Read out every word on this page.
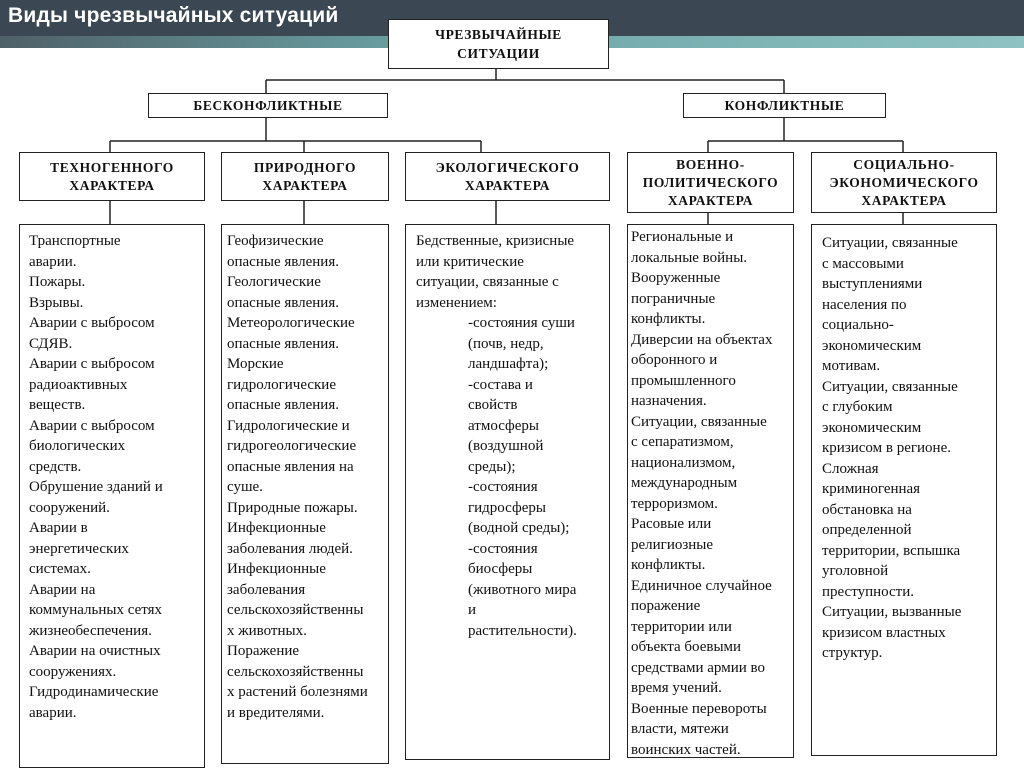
Виды чрезвычайных ситуаций
ЧРЕЗВЫЧАЙНЫЕ
СИТУАЦИИ
БЕСКОНФЛИКТНЫЕ	КОНФЛИКТНЫЕ
ТЕХНОГЕННОГО
ХАРАКТЕРА
ПРИРОДНОГО
ХАРАКТЕРА
ЭКОЛОГИЧЕСКОГО
ХАРАКТЕРА
ВОЕННО-
ПОЛИТИЧЕСКОГО
ХАРАКТЕРА
СОЦИАЛЬНО-
ЭКОНОМИЧЕСКОГО
ХАРАКТЕРА
Транспортные
аварии.
Пожары.
Взрывы.
Аварии с выбросом
СДЯВ.
Аварии с выбросом
радиоактивных
веществ.
Аварии с выбросом
биологических
средств.
Обрушение зданий и
сооружений.
Аварии в
энергетических
системах.
Аварии на
коммунальных сетях
жизнеобеспечения.
Аварии на очистных
сооружениях.
Гидродинамические
аварии.
Геофизические
опасные явления.
Геологические
опасные явления.
Метеорологические
опасные явления.
Морские
гидрологические
опасные явления.
Гидрологические и
гидрогеологические
опасные явления на
суше.
Природные пожары.
Инфекционные
заболевания людей.
Инфекционные
заболевания
сельскохозяйственны
х животных.
Поражение
сельскохозяйственны
х растений болезнями
и вредителями.
Бедственные, кризисные
или критические
ситуации, связанные с
изменением:
-состояния суши
(почв, недр,
ландшафта);
-состава и
свойств
атмосферы
(воздушной
среды);
-состояния
гидросферы
(водной среды);
-состояния
биосферы
(животного мира
и
растительности).
Региональные и
локальные войны.
Вооруженные
пограничные
конфликты.
Диверсии на объектах
оборонного и
промышленного
назначения.
Ситуации, связанные
с сепаратизмом,
национализмом,
международным
терроризмом.
Расовые или
религиозные
конфликты.
Единичное случайное
поражение
территории или
объекта боевыми
средствами армии во
время учений.
Военные перевороты
власти, мятежи
воинских частей.
Ситуации, связанные
с массовыми
выступлениями
населения по
социально-
экономическим
мотивам.
Ситуации, связанные
с глубоким
экономическим
кризисом в регионе.
Сложная
криминогенная
обстановка на
определенной
территории, вспышка
уголовной
преступности.
Ситуации, вызванные
кризисом властных
структур.
